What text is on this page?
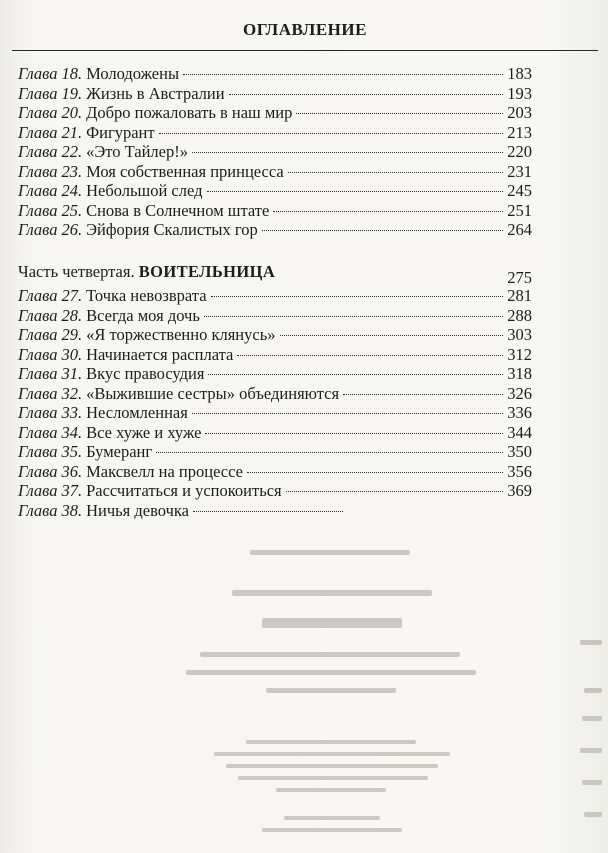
ОГЛАВЛЕНИЕ
Глава 18. Молодожены	183
Глава 19. Жизнь в Австралии	193
Глава 20. Добро пожаловать в наш мир	203
Глава 21. Фигурант	213
Глава 22. «Это Тайлер!»	220
Глава 23. Моя собственная принцесса	231
Глава 24. Небольшой след	245
Глава 25. Снова в Солнечном штате	251
Глава 26. Эйфория Скалистых гор	264
Часть четвертая. ВОИТЕЛЬНИЦА	275
Глава 27. Точка невозврата	281
Глава 28. Всегда моя дочь	288
Глава 29. «Я торжественно клянусь»	303
Глава 30. Начинается расплата	312
Глава 31. Вкус правосудия	318
Глава 32. «Выжившие сестры» объединяются	326
Глава 33. Несломленная	336
Глава 34. Все хуже и хуже	344
Глава 35. Бумеранг	350
Глава 36. Максвелл на процессе	356
Глава 37. Рассчитаться и успокоиться	369
Глава 38. Ничья девочка
